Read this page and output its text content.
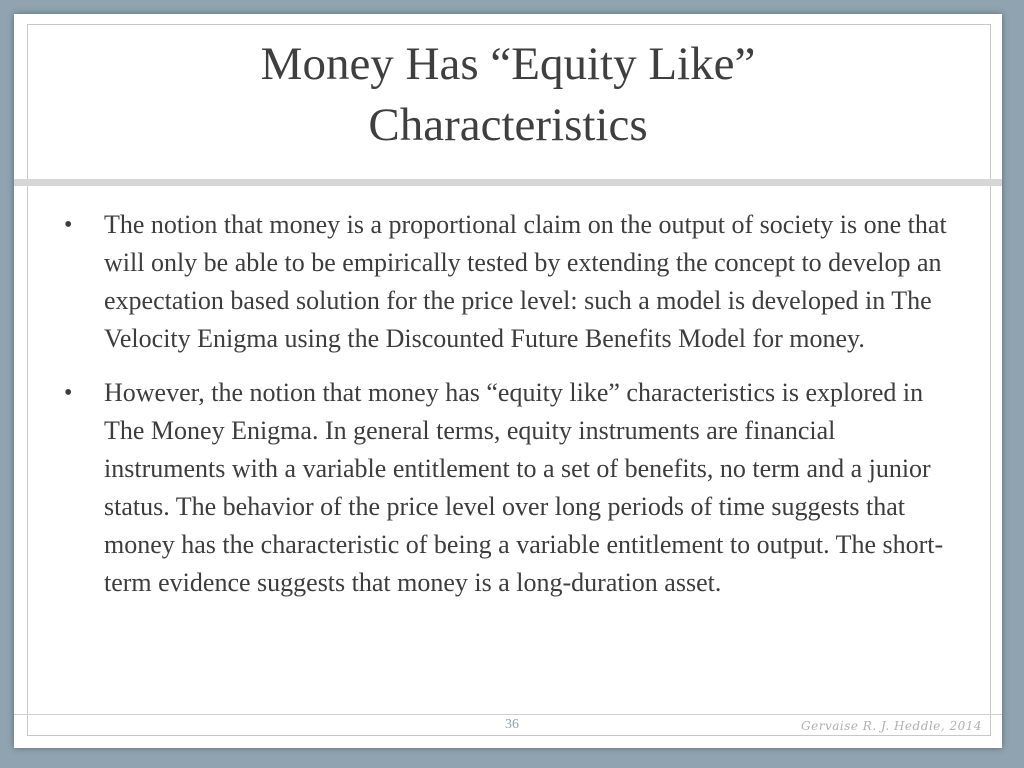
Money Has “Equity Like” Characteristics
• The notion that money is a proportional claim on the output of society is one that will only be able to be empirically tested by extending the concept to develop an expectation based solution for the price level: such a model is developed in The Velocity Enigma using the Discounted Future Benefits Model for money.
• However, the notion that money has “equity like” characteristics is explored in The Money Enigma. In general terms, equity instruments are financial instruments with a variable entitlement to a set of benefits, no term and a junior status. The behavior of the price level over long periods of time suggests that money has the characteristic of being a variable entitlement to output. The short-term evidence suggests that money is a long-duration asset.
36	Gervaise R. J. Heddle, 2014
